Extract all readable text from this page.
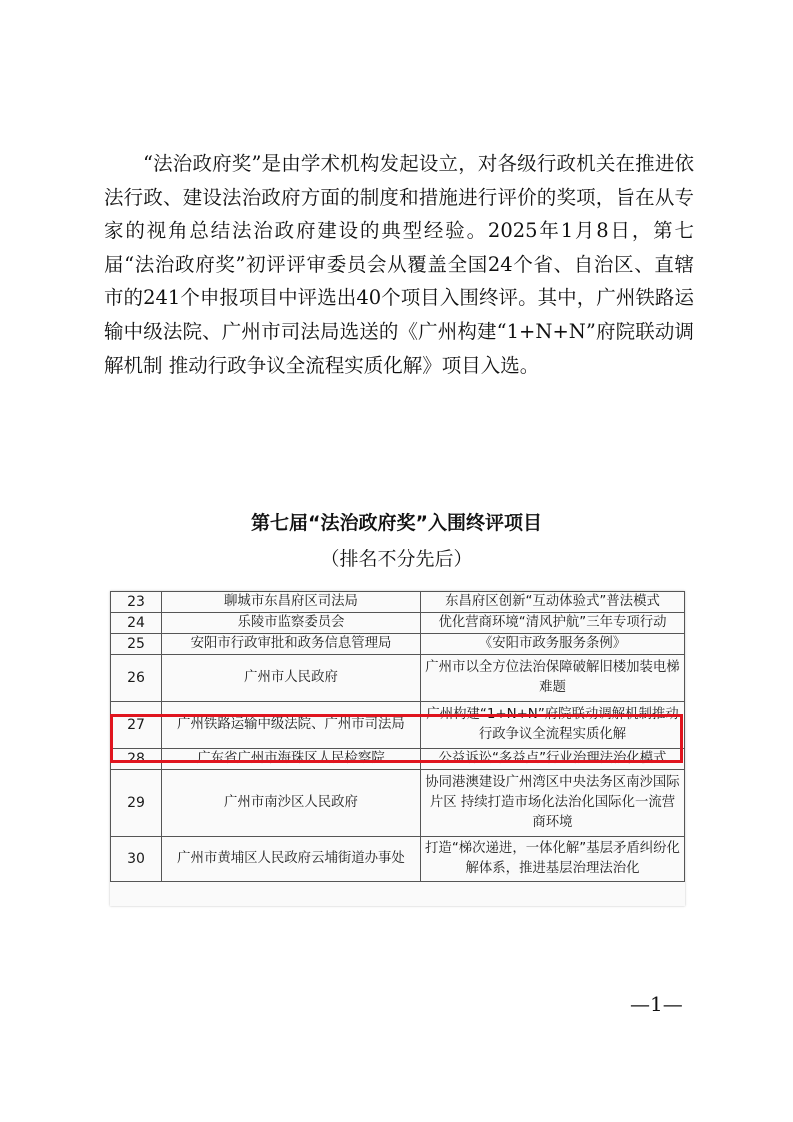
“法治政府奖”是由学术机构发起设立，对各级行政机关在推进依法行政、建设法治政府方面的制度和措施进行评价的奖项，旨在从专家的视角总结法治政府建设的典型经验。2025年1月8日，第七届“法治政府奖”初评评审委员会从覆盖全国24个省、自治区、直辖市的241个申报项目中评选出40个项目入围终评。其中，广州铁路运输中级法院、广州市司法局选送的《广州构建“1+N+N”府院联动调解机制 推动行政争议全流程实质化解》项目入选。

第七届“法治政府奖”入围终评项目
（排名不分先后）
23	聊城市东昌府区司法局	东昌府区创新“互动体验式”普法模式
24	乐陵市监察委员会	优化营商环境“清风护航”三年专项行动
25	安阳市行政审批和政务信息管理局	《安阳市政务服务条例》
26	广州市人民政府	广州市以全方位法治保障破解旧楼加装电梯难题
27	广州铁路运输中级法院、广州市司法局	广州构建“1+N+N”府院联动调解机制推动行政争议全流程实质化解
28	广东省广州市海珠区人民检察院	公益诉讼“多益点”行业治理法治化模式
29	广州市南沙区人民政府	协同港澳建设广州湾区中央法务区南沙国际片区 持续打造市场化法治化国际化一流营商环境
30	广州市黄埔区人民政府云埔街道办事处	打造“梯次递进，一体化解”基层矛盾纠纷化解体系，推进基层治理法治化
—1—
